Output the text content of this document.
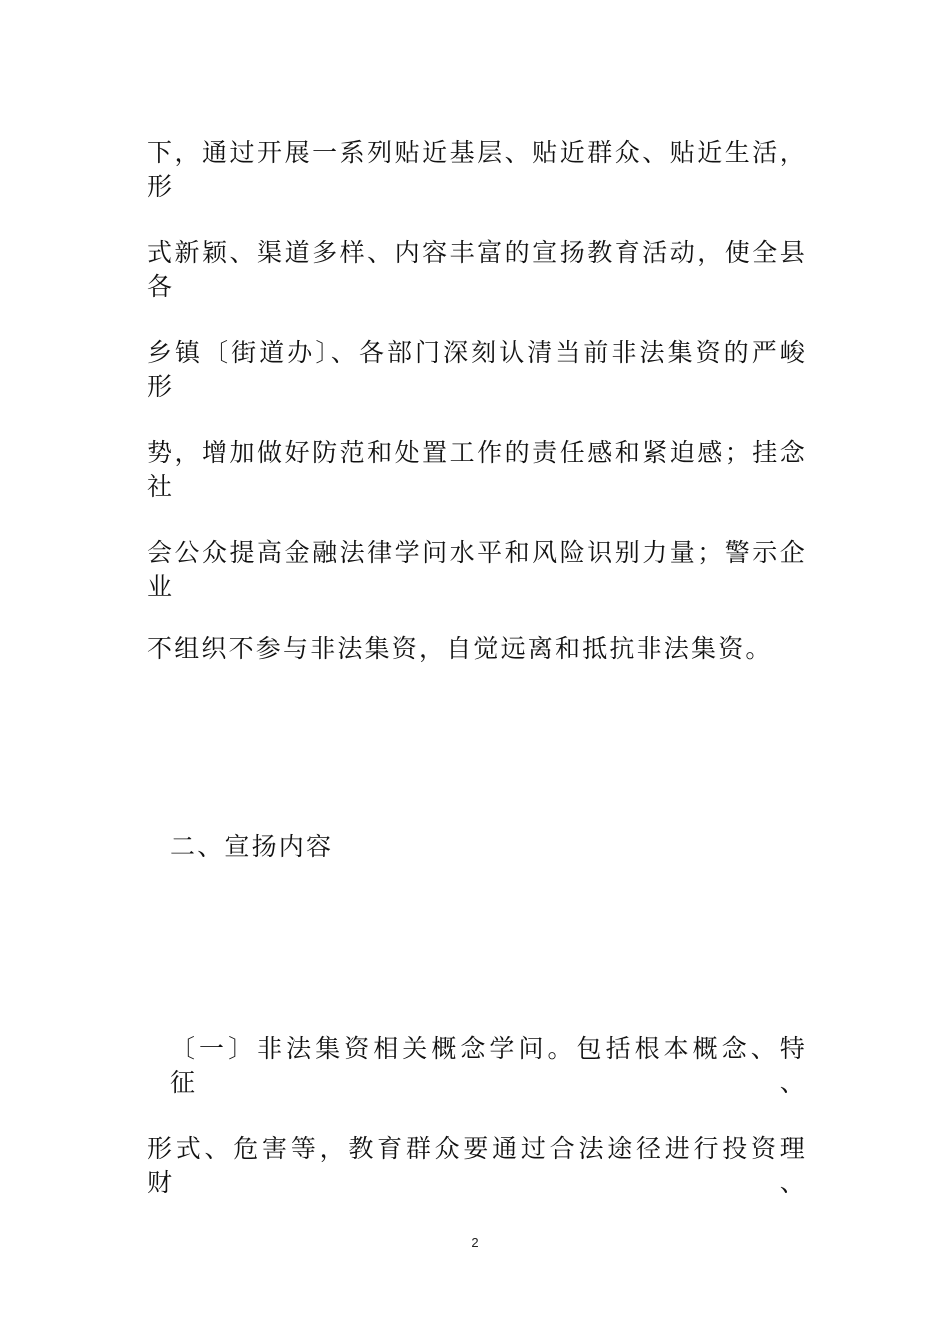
下，通过开展一系列贴近基层、贴近群众、贴近生活，形
式新颖、渠道多样、内容丰富的宣扬教育活动，使全县各
乡镇〔街道办〕、各部门深刻认清当前非法集资的严峻形
势，增加做好防范和处置工作的责任感和紧迫感；挂念社
会公众提高金融法律学问水平和风险识别力量；警示企业
不组织不参与非法集资，自觉远离和抵抗非法集资。
二、宣扬内容
〔一〕非法集资相关概念学问。包括根本概念、特征、
形式、危害等，教育群众要通过合法途径进行投资理财、
2
